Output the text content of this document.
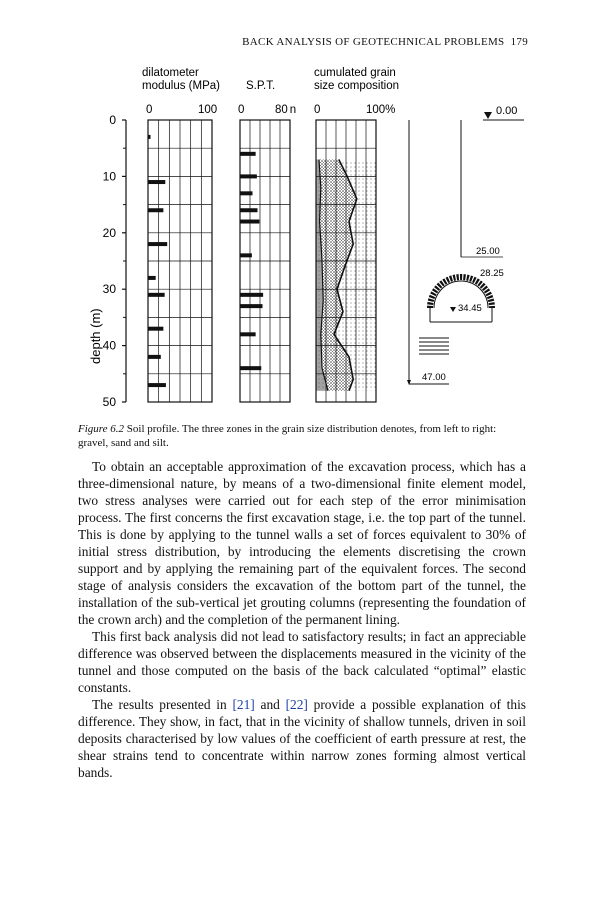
BACK ANALYSIS OF GEOTECHNICAL PROBLEMS 179
dilatometer
modulus (MPa) S.P.T.
cumulated grain
size composition
0	100 0	80 n 0	100%
0
10
20
30
40
50
depth (m)
0.00
25.00
28.25
34.45
47.00
Figure 6.2 Soil profile. The three zones in the grain size distribution denotes, from left to right: gravel, sand and silt.

To obtain an acceptable approximation of the excavation process, which has a three-dimensional nature, by means of a two-dimensional finite element model, two stress analyses were carried out for each step of the error minimisation process. The first concerns the first excavation stage, i.e. the top part of the tunnel. This is done by applying to the tunnel walls a set of forces equivalent to 30% of initial stress distribution, by introducing the elements discretising the crown support and by applying the remaining part of the equivalent forces. The second stage of analysis considers the excavation of the bottom part of the tunnel, the installation of the sub-vertical jet grouting columns (representing the foundation of the crown arch) and the completion of the permanent lining.

This first back analysis did not lead to satisfactory results; in fact an appreciable difference was observed between the displacements measured in the vicinity of the tunnel and those computed on the basis of the back calculated “optimal” elastic constants.

The results presented in [21] and [22] provide a possible explanation of this difference. They show, in fact, that in the vicinity of shallow tunnels, driven in soil deposits characterised by low values of the coefficient of earth pressure at rest, the shear strains tend to concentrate within narrow zones forming almost vertical bands.
